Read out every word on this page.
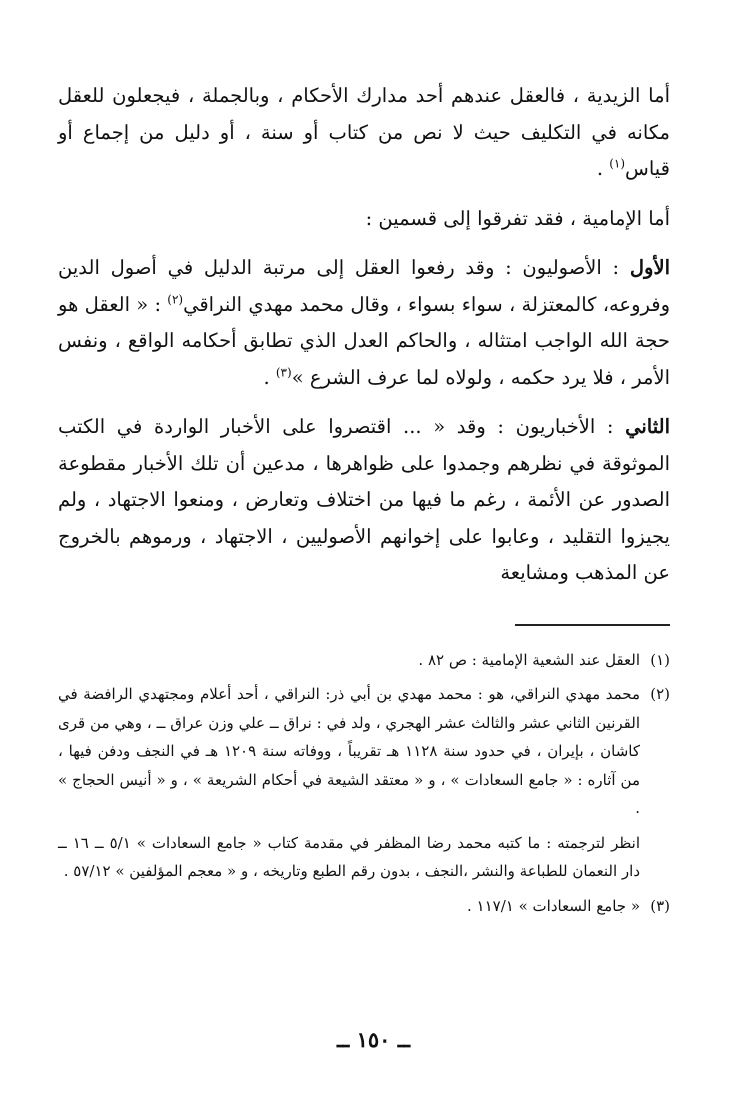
أما الزيدية ، فالعقل عندهم أحد مدارك الأحكام ، وبالجملة ، فيجعلون للعقل مكانه في التكليف حيث لا نص من كتاب أو سنة ، أو دليل من إجماع أو قياس$^{(١)}$ .

أما الإمامية ، فقد تفرقوا إلى قسمين :

الأول : الأصوليون : وقد رفعوا العقل إلى مرتبة الدليل في أصول الدين وفروعه، كالمعتزلة ، سواء بسواء ، وقال محمد مهدي النراقي$^{(٢)}$ : « العقل هو حجة الله الواجب امتثاله ، والحاكم العدل الذي تطابق أحكامه الواقع ، ونفس الأمر ، فلا يرد حكمه ، ولولاه لما عرف الشرع »$^{(٣)}$ .

الثاني : الأخباريون : وقد « ... اقتصروا على الأخبار الواردة في الكتب الموثوقة في نظرهم وجمدوا على ظواهرها ، مدعين أن تلك الأخبار مقطوعة الصدور عن الأئمة ، رغم ما فيها من اختلاف وتعارض ، ومنعوا الاجتهاد ، ولم يجيزوا التقليد ، وعابوا على إخوانهم الأصوليين ، الاجتهاد ، ورموهم بالخروج عن المذهب ومشايعة

(١)
العقل عند الشعية الإمامية : ص ٨٢ .

(٢)
محمد مهدي النراقي، هو : محمد مهدي بن أبي ذر: النراقي ، أحد أعلام ومجتهدي الرافضة في القرنين الثاني عشر والثالث عشر الهجري ، ولد في : نراق ــ علي وزن عراق ــ ، وهي من قرى كاشان ، بإيران ، في حدود سنة ١١٢٨ هـ تقريباً ، ووفاته سنة ١٢٠٩ هـ في النجف ودفن فيها ، من آثاره : « جامع السعادات » ، و « معتقد الشيعة في أحكام الشريعة » ، و « أنيس الحجاج » .

انظر لترجمته : ما كتبه محمد رضا المظفر في مقدمة كتاب « جامع السعادات » ٥/١ ــ ١٦ ــ دار النعمان للطباعة والنشر ،النجف ، بدون رقم الطبع وتاريخه ، و « معجم المؤلفين » ٥٧/١٢ .

(٣)
« جامع السعادات » ١١٧/١ .

ــ ١٥٠ ــ
